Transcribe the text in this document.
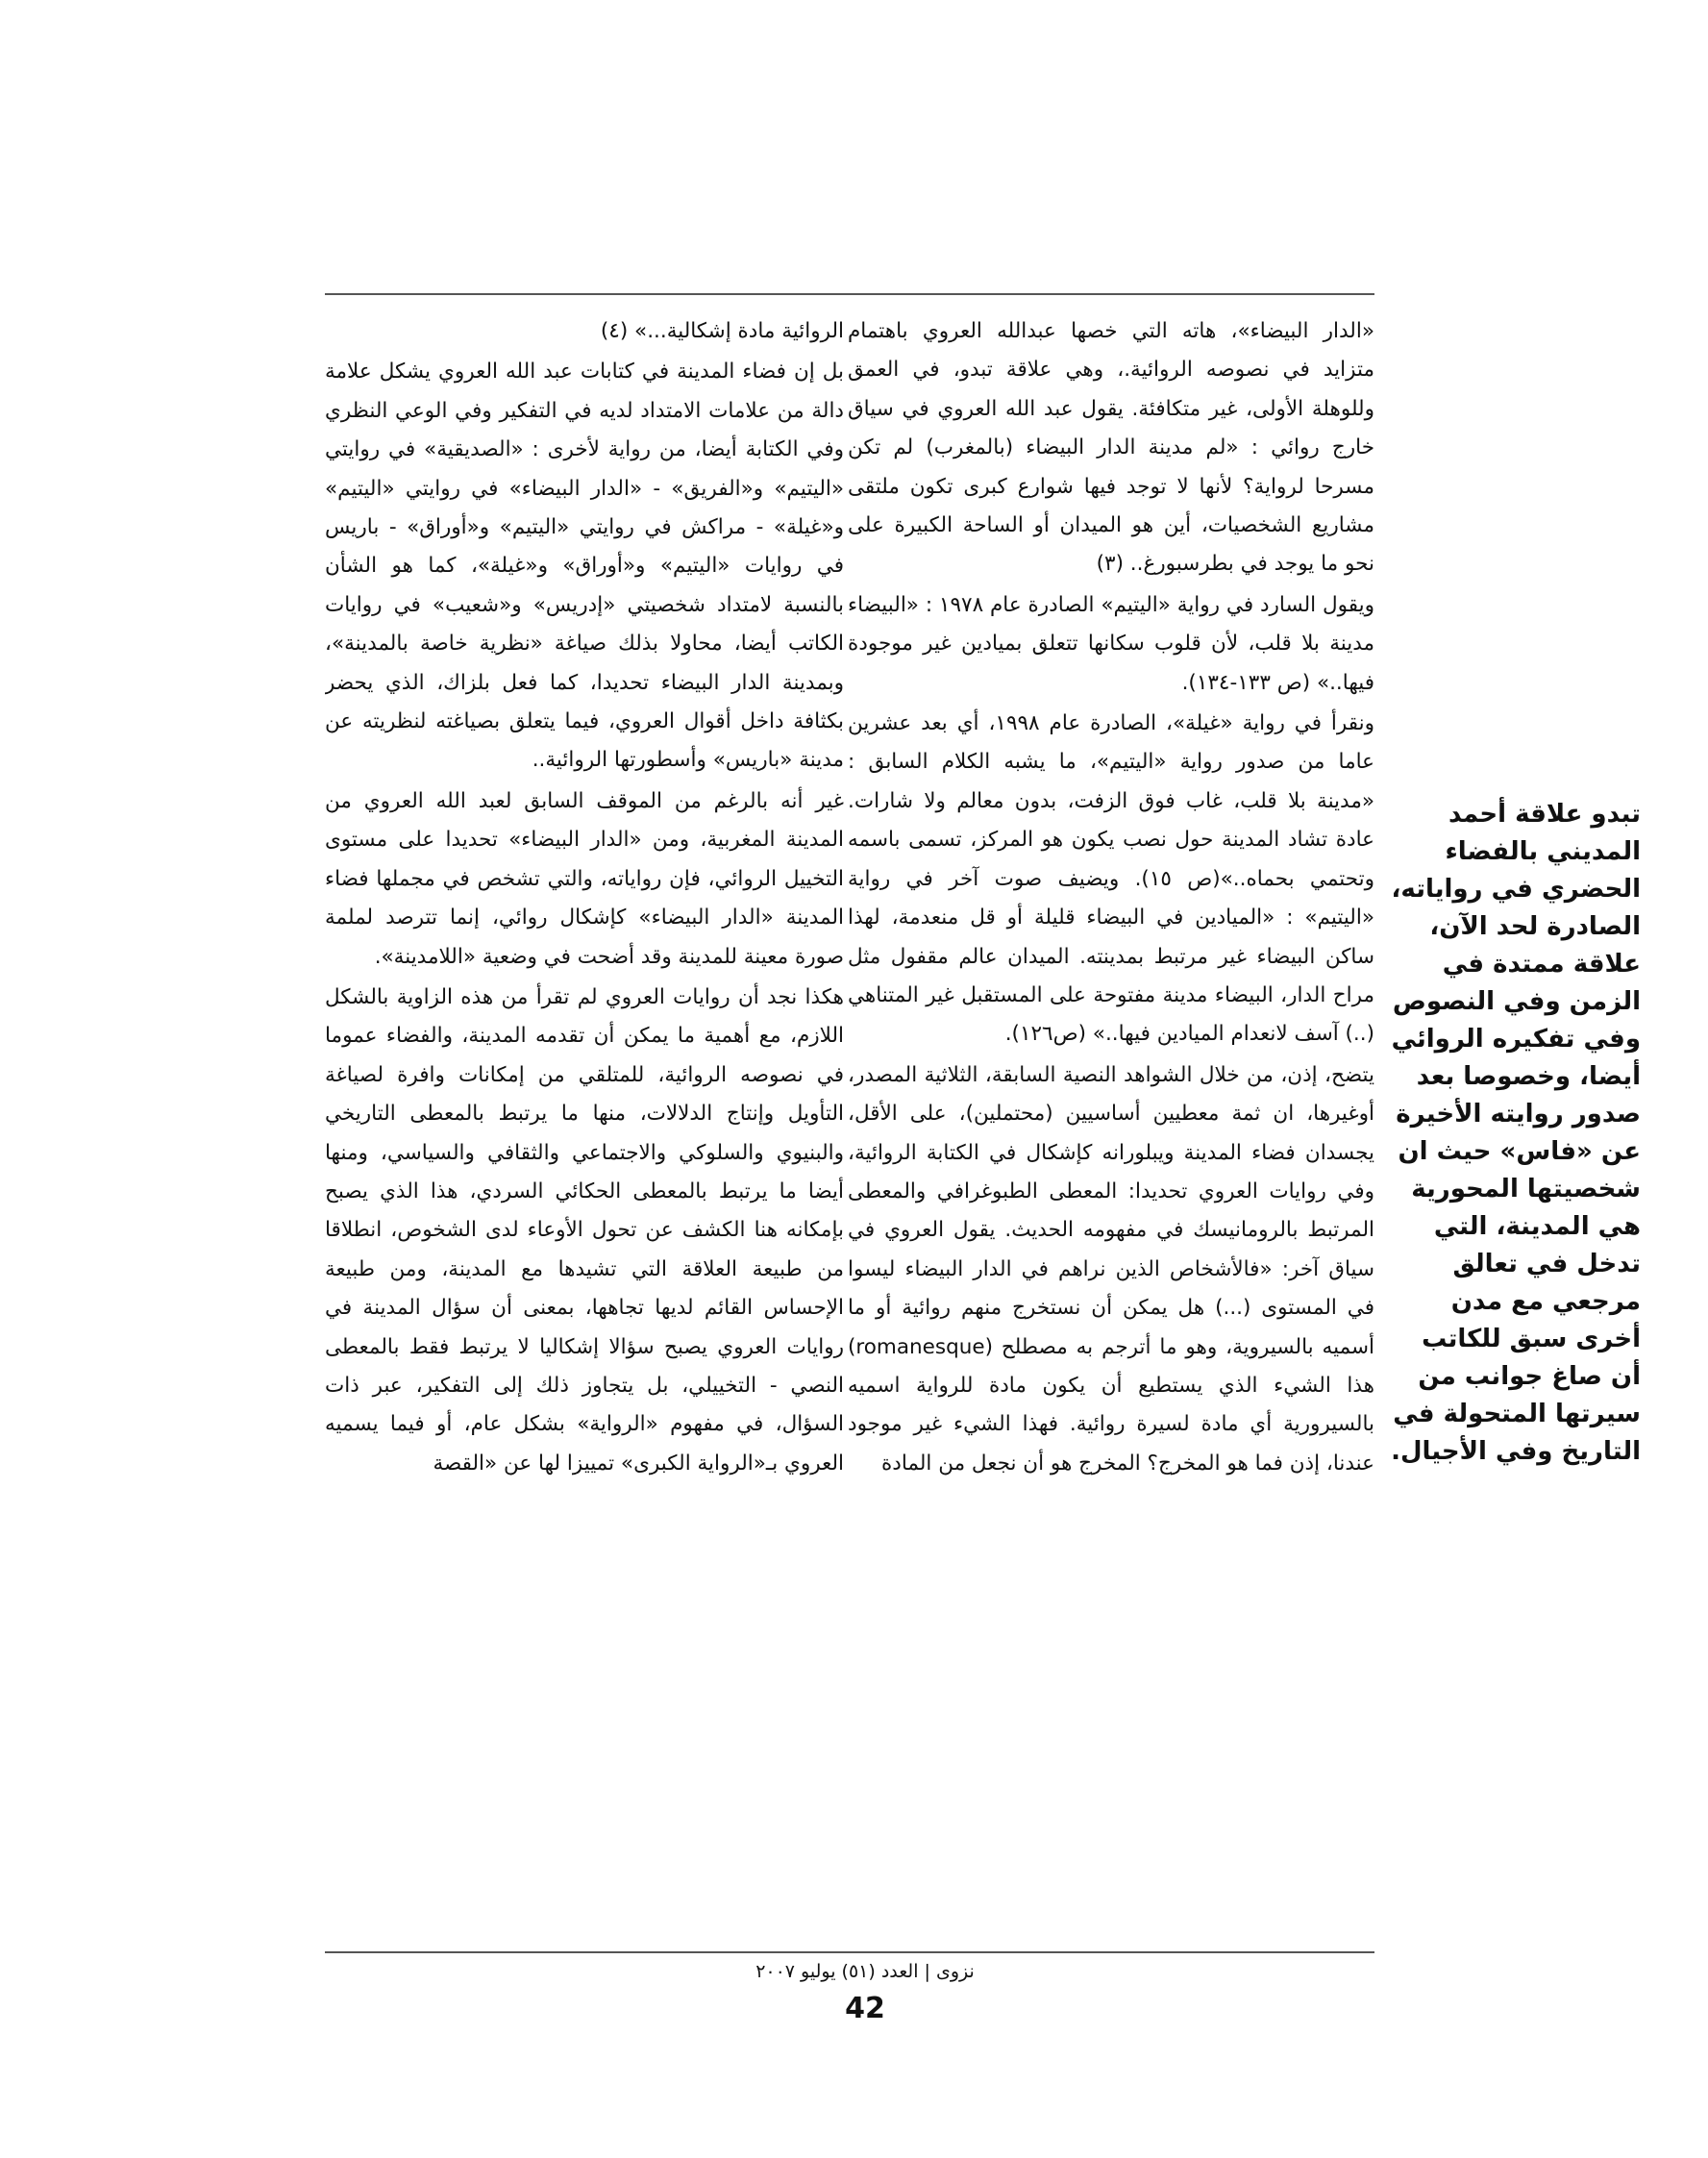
«الدار البيضاء»، هاته التي خصها عبدالله العروي باهتمام متزايد في نصوصه الروائية.، وهي علاقة تبدو، في العمق وللوهلة الأولى، غير متكافئة. يقول عبد الله العروي في سياق خارج روائي : «لم مدينة الدار البيضاء (بالمغرب) لم تكن مسرحا لرواية؟ لأنها لا توجد فيها شوارع كبرى تكون ملتقى مشاريع الشخصيات، أين هو الميدان أو الساحة الكبيرة على نحو ما يوجد في بطرسبورغ.. (٣)

ويقول السارد في رواية «اليتيم» الصادرة عام ١٩٧٨ : «البيضاء مدينة بلا قلب، لأن قلوب سكانها تتعلق بميادين غير موجودة فيها..» (ص ١٣٣-١٣٤).

ونقرأ في رواية «غيلة»، الصادرة عام ١٩٩٨، أي بعد عشرين عاما من صدور رواية «اليتيم»، ما يشبه الكلام السابق : «مدينة بلا قلب، غاب فوق الزفت، بدون معالم ولا شارات. عادة تشاد المدينة حول نصب يكون هو المركز، تسمى باسمه وتحتمي بحماه..»(ص ١٥). ويضيف صوت آخر في رواية «اليتيم» : «الميادين في البيضاء قليلة أو قل منعدمة، لهذا ساكن البيضاء غير مرتبط بمدينته. الميدان عالم مقفول مثل مراح الدار، البيضاء مدينة مفتوحة على المستقبل غير المتناهي (..) آسف لانعدام الميادين فيها..» (ص١٢٦).

يتضح، إذن، من خلال الشواهد النصية السابقة، الثلاثية المصدر، أوغيرها، ان ثمة معطيين أساسيين (محتملين)، على الأقل، يجسدان فضاء المدينة ويبلورانه كإشكال في الكتابة الروائية، وفي روايات العروي تحديدا: المعطى الطبوغرافي والمعطى المرتبط بالرومانيسك في مفهومه الحديث. يقول العروي في سياق آخر: «فالأشخاص الذين نراهم في الدار البيضاء ليسوا في المستوى (...) هل يمكن أن نستخرج منهم روائية أو ما أسميه بالسيروية، وهو ما أترجم به مصطلح (romanesque) هذا الشيء الذي يستطيع أن يكون مادة للرواية اسميه بالسيرورية أي مادة لسيرة روائية. فهذا الشيء غير موجود عندنا، إذن فما هو المخرج؟ المخرج هو أن نجعل من المادة

الروائية مادة إشكالية...» (٤)

بل إن فضاء المدينة في كتابات عبد الله العروي يشكل علامة دالة من علامات الامتداد لديه في التفكير وفي الوعي النظري وفي الكتابة أيضا، من رواية لأخرى : «الصديقية» في روايتي «اليتيم» و«الفريق» - «الدار البيضاء» في روايتي «اليتيم» و«غيلة» - مراكش في روايتي «اليتيم» و«أوراق» - باريس في روايات «اليتيم» و«أوراق» و«غيلة»، كما هو الشأن بالنسبة لامتداد شخصيتي «إدريس» و«شعيب» في روايات الكاتب أيضا، محاولا بذلك صياغة «نظرية خاصة بالمدينة»، وبمدينة الدار البيضاء تحديدا، كما فعل بلزاك، الذي يحضر بكثافة داخل أقوال العروي، فيما يتعلق بصياغته لنظريته عن مدينة «باريس» وأسطورتها الروائية..

غير أنه بالرغم من الموقف السابق لعبد الله العروي من المدينة المغربية، ومن «الدار البيضاء» تحديدا على مستوى التخييل الروائي، فإن رواياته، والتي تشخص في مجملها فضاء المدينة «الدار البيضاء» كإشكال روائي، إنما تترصد لملمة صورة معينة للمدينة وقد أضحت في وضعية «اللامدينة».

هكذا نجد أن روايات العروي لم تقرأ من هذه الزاوية بالشكل اللازم، مع أهمية ما يمكن أن تقدمه المدينة، والفضاء عموما في نصوصه الروائية، للمتلقي من إمكانات وافرة لصياغة التأويل وإنتاج الدلالات، منها ما يرتبط بالمعطى التاريخي والبنيوي والسلوكي والاجتماعي والثقافي والسياسي، ومنها أيضا ما يرتبط بالمعطى الحكائي السردي، هذا الذي يصبح بإمكانه هنا الكشف عن تحول الأوعاء لدى الشخوص، انطلاقا من طبيعة العلاقة التي تشيدها مع المدينة، ومن طبيعة الإحساس القائم لديها تجاهها، بمعنى أن سؤال المدينة في روايات العروي يصبح سؤالا إشكاليا لا يرتبط فقط بالمعطى النصي - التخييلي، بل يتجاوز ذلك إلى التفكير، عبر ذات السؤال، في مفهوم «الرواية» بشكل عام، أو فيما يسميه العروي بـ«الرواية الكبرى» تمييزا لها عن «القصة

تبدو علاقة أحمد المديني بالفضاء الحضري في رواياته، الصادرة لحد الآن، علاقة ممتدة في الزمن وفي النصوص وفي تفكيره الروائي أيضا، وخصوصا بعد صدور روايته الأخيرة عن «فاس» حيث ان شخصيتها المحورية هي المدينة، التي تدخل في تعالق مرجعي مع مدن أخرى سبق للكاتب أن صاغ جوانب من سيرتها المتحولة في التاريخ وفي الأجيال.
نزوى | العدد (٥١) يوليو ٢٠٠٧
42
